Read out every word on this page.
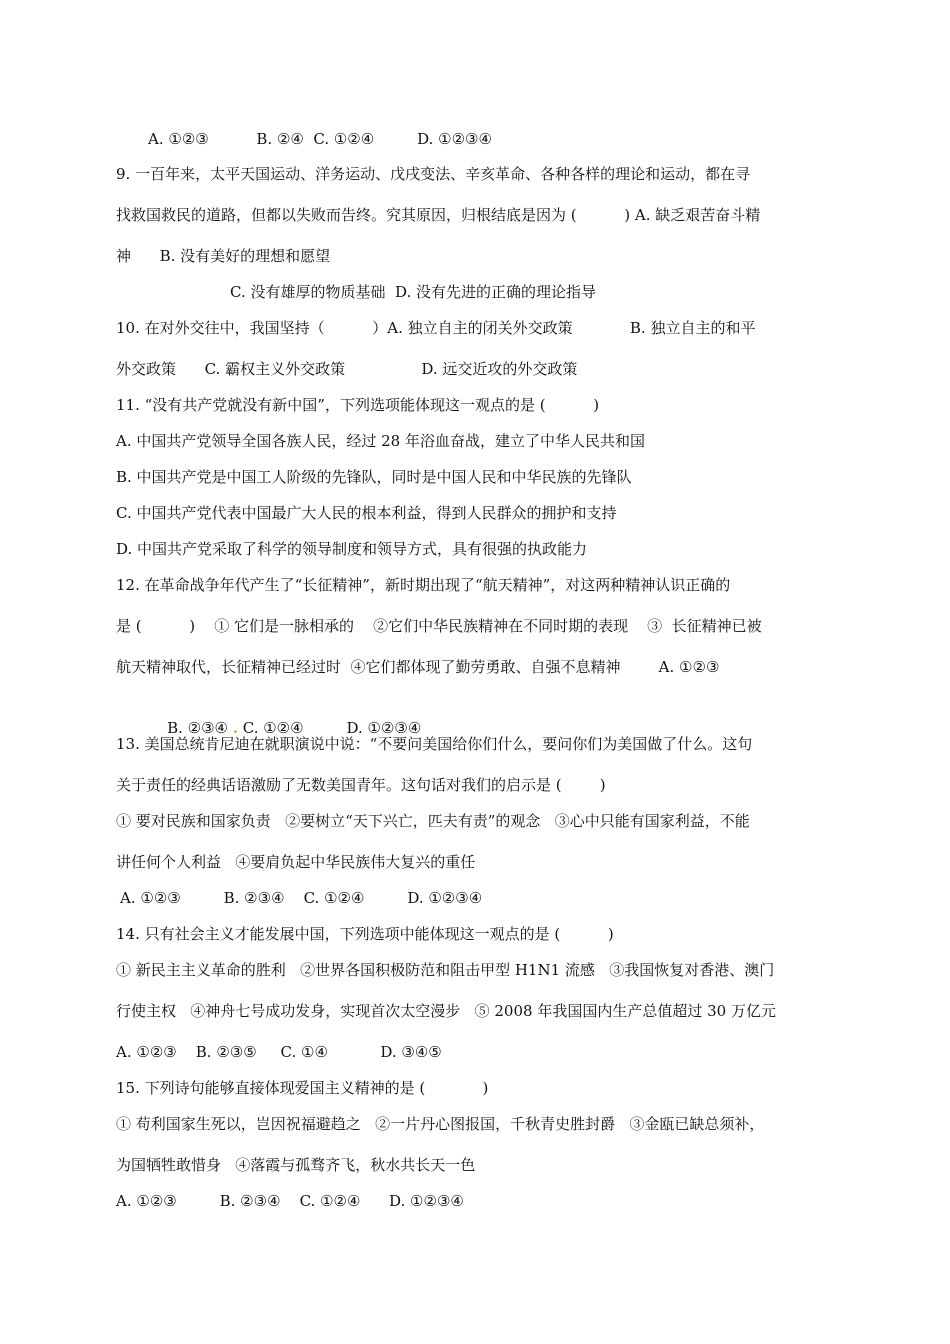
A. ①②③          B. ②④  C. ①②④         D. ①②③④
9. 一百年来，太平天国运动、洋务运动、戊戌变法、辛亥革命、各种各样的理论和运动，都在寻
找救国救民的道路，但都以失败而告终。究其原因，归根结底是因为 (          ) A. 缺乏艰苦奋斗精
神      B. 没有美好的理想和愿望
C. 没有雄厚的物质基础  D. 没有先进的正确的理论指导
10. 在对外交往中，我国坚持（          ）A. 独立自主的闭关外交政策            B. 独立自主的和平
外交政策      C. 霸权主义外交政策                D. 远交近攻的外交政策
11. “没有共产党就没有新中国”，下列选项能体现这一观点的是 (          )
A. 中国共产党领导全国各族人民，经过 28 年浴血奋战，建立了中华人民共和国
B. 中国共产党是中国工人阶级的先锋队，同时是中国人民和中华民族的先锋队
C. 中国共产党代表中国最广大人民的根本利益，得到人民群众的拥护和支持
D. 中国共产党采取了科学的领导制度和领导方式，具有很强的执政能力
12. 在革命战争年代产生了“长征精神”，新时期出现了“航天精神”，对这两种精神认识正确的
是 (          )    ① 它们是一脉相承的    ②它们中华民族精神在不同时期的表现    ③  长征精神已被
航天精神取代，长征精神已经过时  ④它们都体现了勤劳勇敢、自强不息精神        A. ①②③

B. ②③④ . C. ①②④         D. ①②③④

13. 美国总统肯尼迪在就职演说中说：“不要问美国给你们什么，要问你们为美国做了什么。这句
关于责任的经典话语激励了无数美国青年。这句话对我们的启示是 (        )
① 要对民族和国家负责   ②要树立“天下兴亡，匹夫有责”的观念   ③心中只能有国家利益，不能
讲任何个人利益   ④要肩负起中华民族伟大复兴的重任
A. ①②③         B. ②③④    C. ①②④         D. ①②③④
14. 只有社会主义才能发展中国，下列选项中能体现这一观点的是 (          )
① 新民主主义革命的胜利   ②世界各国积极防范和阻击甲型 H1N1 流感   ③我国恢复对香港、澳门
行使主权   ④神舟七号成功发身，实现首次太空漫步   ⑤ 2008 年我国国内生产总值超过 30 万亿元
A. ①②③    B. ②③⑤     C. ①④           D. ③④⑤
15. 下列诗句能够直接体现爱国主义精神的是 (            )
① 苟利国家生死以，岂因祝福避趋之   ②一片丹心图报国，千秋青史胜封爵   ③金瓯已缺总须补，
为国牺牲敢惜身   ④落霞与孤骛齐飞，秋水共长天一色
A. ①②③         B. ②③④    C. ①②④      D. ①②③④
